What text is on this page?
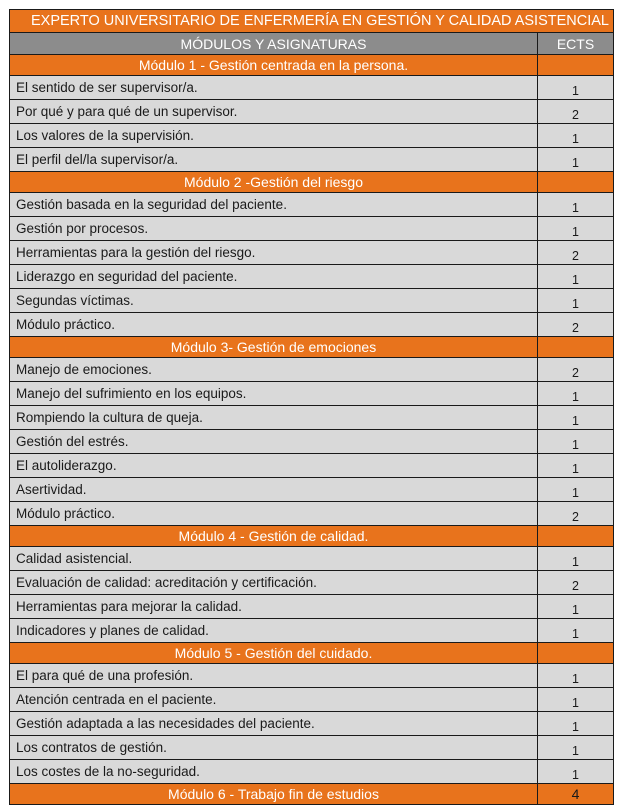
EXPERTO UNIVERSITARIO DE ENFERMERÍA EN GESTIÓN Y CALIDAD ASISTENCIAL	
MÓDULOS Y ASIGNATURAS	ECTS
Módulo 1 - Gestión centrada en la persona.	
El sentido de ser supervisor/a.	1
Por qué y para qué de un supervisor.	2
Los valores de la supervisión.	1
El perfil del/la supervisor/a.	1
Módulo 2 -Gestión del riesgo	
Gestión basada en la seguridad del paciente.	1
Gestión por procesos.	1
Herramientas para la gestión del riesgo.	2
Liderazgo en seguridad del paciente.	1
Segundas víctimas.	1
Módulo práctico.	2
Módulo 3- Gestión de emociones	
Manejo de emociones.	2
Manejo del sufrimiento en los equipos.	1
Rompiendo la cultura de queja.	1
Gestión del estrés.	1
El autoliderazgo.	1
Asertividad.	1
Módulo práctico.	2
Módulo 4 - Gestión de calidad.	
Calidad asistencial.	1
Evaluación de calidad: acreditación y certificación.	2
Herramientas para mejorar la calidad.	1
Indicadores y planes de calidad.	1
Módulo 5 - Gestión del cuidado.	
El para qué de una profesión.	1
Atención centrada en el paciente.	1
Gestión adaptada a las necesidades del paciente.	1
Los contratos de gestión.	1
Los costes de la no-seguridad.	1
Módulo 6 - Trabajo fin de estudios	4
